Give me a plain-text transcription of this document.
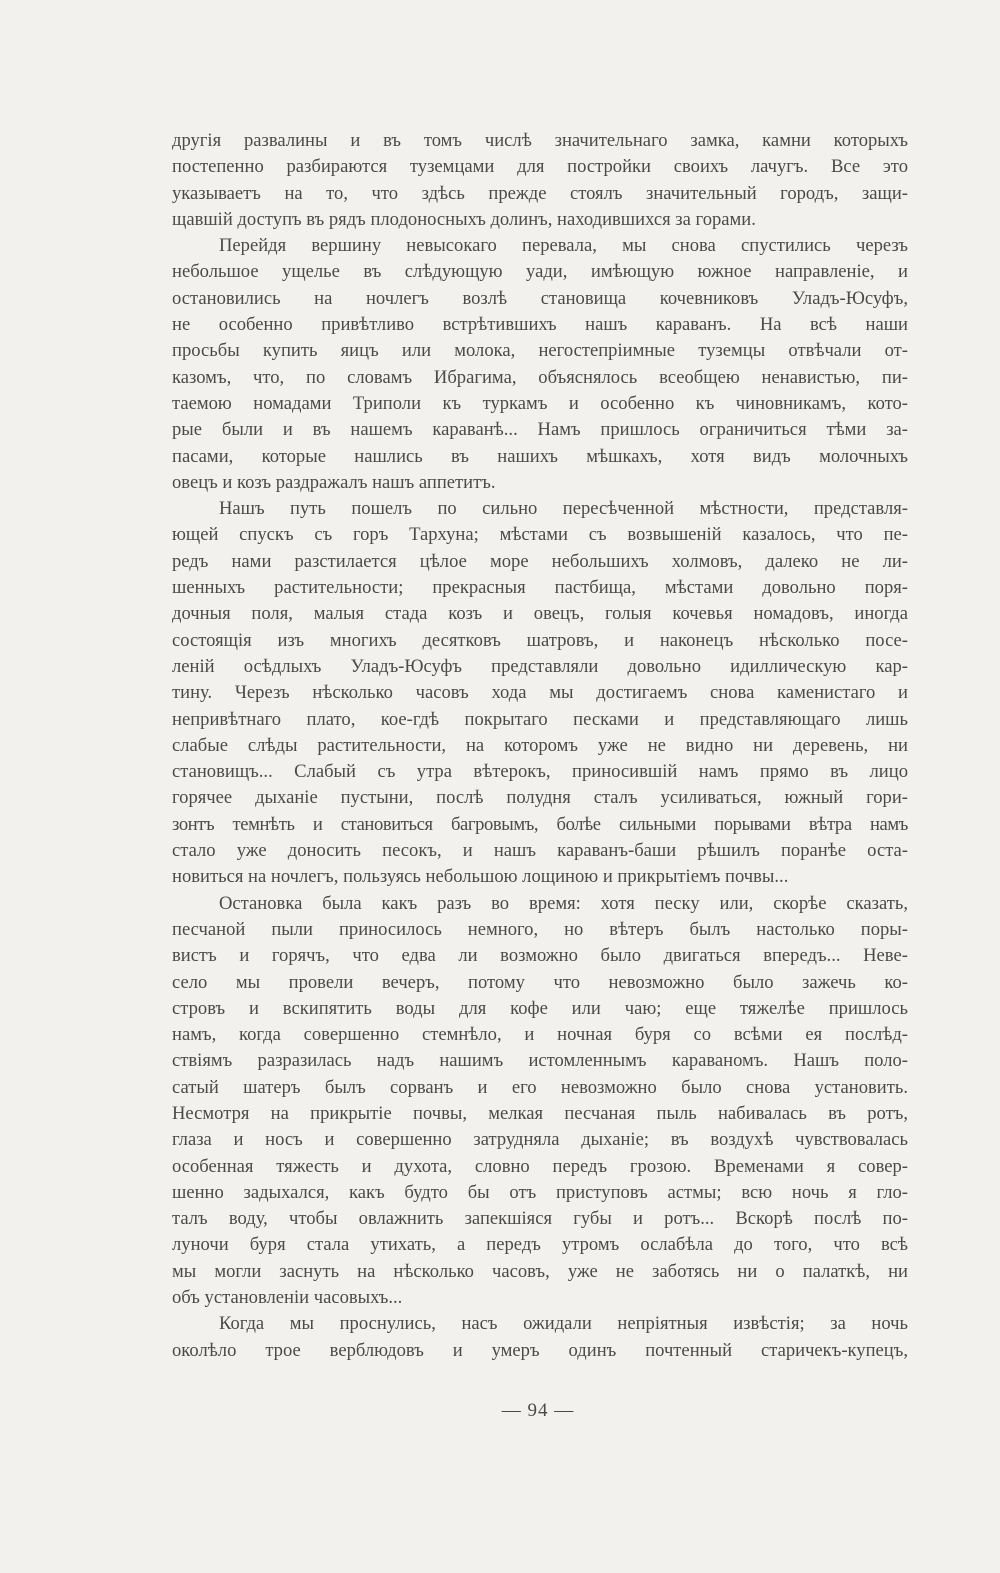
другія развалины и въ томъ числѣ значительнаго замка, камни которыхъ
постепенно разбираются туземцами для постройки своихъ лачугъ. Все это
указываетъ на то, что здѣсь прежде стоялъ значительный городъ, защи-
щавшій доступъ въ рядъ плодоносныхъ долинъ, находившихся за горами.
Перейдя вершину невысокаго перевала, мы снова спустились черезъ
небольшое ущелье въ слѣдующую уади, имѣющую южное направленіе, и
остановились на ночлегъ возлѣ становища кочевниковъ Уладъ-Юсуфъ,
не особенно привѣтливо встрѣтившихъ нашъ караванъ. На всѣ наши
просьбы купить яицъ или молока, негостепріимные туземцы отвѣчали от-
казомъ, что, по словамъ Ибрагима, объяснялось всеобщею ненавистью, пи-
таемою номадами Триполи къ туркамъ и особенно къ чиновникамъ, кото-
рые были и въ нашемъ караванѣ... Намъ пришлось ограничиться тѣми за-
пасами, которые нашлись въ нашихъ мѣшкахъ, хотя видъ молочныхъ
овецъ и козъ раздражалъ нашъ аппетитъ.
Нашъ путь пошелъ по сильно пересѣченной мѣстности, представля-
ющей спускъ съ горъ Тархуна; мѣстами съ возвышеній казалось, что пе-
редъ нами разстилается цѣлое море небольшихъ холмовъ, далеко не ли-
шенныхъ растительности; прекрасныя пастбища, мѣстами довольно поря-
дочныя поля, малыя стада козъ и овецъ, голыя кочевья номадовъ, иногда
состоящія изъ многихъ десятковъ шатровъ, и наконецъ нѣсколько посе-
леній осѣдлыхъ Уладъ-Юсуфъ представляли довольно идиллическую кар-
тину. Черезъ нѣсколько часовъ хода мы достигаемъ снова каменистаго и
непривѣтнаго плато, кое-гдѣ покрытаго песками и представляющаго лишь
слабые слѣды растительности, на которомъ уже не видно ни деревень, ни
становищъ... Слабый съ утра вѣтерокъ, приносившій намъ прямо въ лицо
горячее дыханіе пустыни, послѣ полудня сталъ усиливаться, южный гори-
зонтъ темнѣть и становиться багровымъ, болѣе сильными порывами вѣтра намъ
стало уже доносить песокъ, и нашъ караванъ-баши рѣшилъ поранѣе оста-
новиться на ночлегъ, пользуясь небольшою лощиною и прикрытіемъ почвы...
Остановка была какъ разъ во время: хотя песку или, скорѣе сказать,
песчаной пыли приносилось немного, но вѣтеръ былъ настолько поры-
вистъ и горячъ, что едва ли возможно было двигаться впередъ... Невe-
село мы провели вечеръ, потому что невозможно было зажечь ко-
стровъ и вскипятить воды для кофе или чаю; еще тяжелѣе пришлось
намъ, когда совершенно стемнѣло, и ночная буря со всѣми ея послѣд-
ствіямъ разразилась надъ нашимъ истомленнымъ караваномъ. Нашъ поло-
сатый шатеръ былъ сорванъ и его невозможно было снова установить.
Несмотря на прикрытіе почвы, мелкая песчаная пыль набивалась въ ротъ,
глаза и носъ и совершенно затрудняла дыханіе; въ воздухѣ чувствовалась
особенная тяжесть и духота, словно передъ грозою. Временами я совер-
шенно задыхался, какъ будто бы отъ приступовъ астмы; всю ночь я гло-
талъ воду, чтобы овлажнить запекшіяся губы и ротъ... Вскорѣ послѣ по-
луночи буря стала утихать, а передъ утромъ ослабѣла до того, что всѣ
мы могли заснуть на нѣсколько часовъ, уже не заботясь ни о палаткѣ, ни
объ установленіи часовыхъ...
Когда мы проснулись, насъ ожидали непріятныя извѣстія; за ночь
околѣло трое верблюдовъ и умеръ одинъ почтенный старичекъ-купецъ,
— 94 —
